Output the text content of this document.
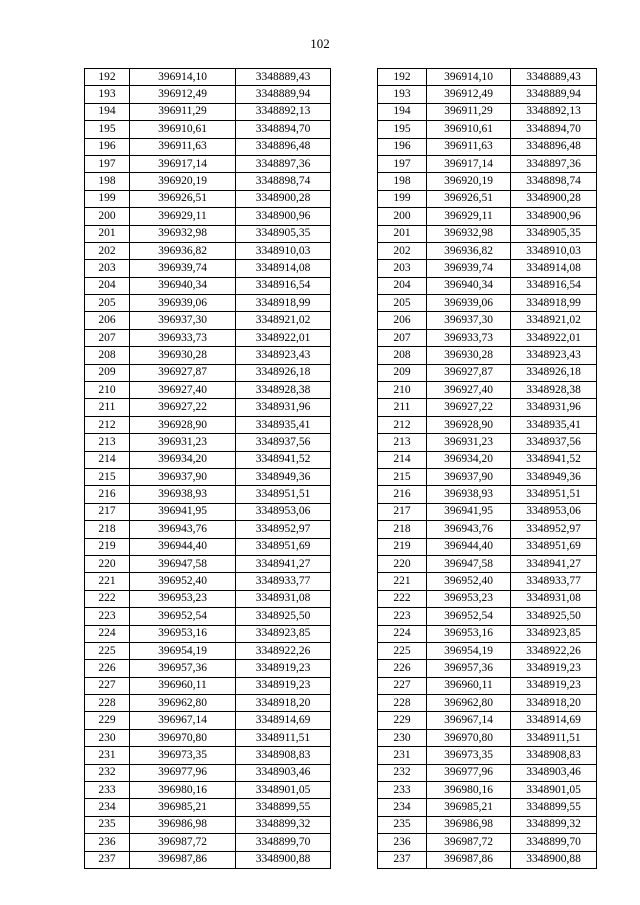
102
192	396914,10	3348889,43
193	396912,49	3348889,94
194	396911,29	3348892,13
195	396910,61	3348894,70
196	396911,63	3348896,48
197	396917,14	3348897,36
198	396920,19	3348898,74
199	396926,51	3348900,28
200	396929,11	3348900,96
201	396932,98	3348905,35
202	396936,82	3348910,03
203	396939,74	3348914,08
204	396940,34	3348916,54
205	396939,06	3348918,99
206	396937,30	3348921,02
207	396933,73	3348922,01
208	396930,28	3348923,43
209	396927,87	3348926,18
210	396927,40	3348928,38
211	396927,22	3348931,96
212	396928,90	3348935,41
213	396931,23	3348937,56
214	396934,20	3348941,52
215	396937,90	3348949,36
216	396938,93	3348951,51
217	396941,95	3348953,06
218	396943,76	3348952,97
219	396944,40	3348951,69
220	396947,58	3348941,27
221	396952,40	3348933,77
222	396953,23	3348931,08
223	396952,54	3348925,50
224	396953,16	3348923,85
225	396954,19	3348922,26
226	396957,36	3348919,23
227	396960,11	3348919,23
228	396962,80	3348918,20
229	396967,14	3348914,69
230	396970,80	3348911,51
231	396973,35	3348908,83
232	396977,96	3348903,46
233	396980,16	3348901,05
234	396985,21	3348899,55
235	396986,98	3348899,32
236	396987,72	3348899,70
237	396987,86	3348900,88
192	396914,10	3348889,43
193	396912,49	3348889,94
194	396911,29	3348892,13
195	396910,61	3348894,70
196	396911,63	3348896,48
197	396917,14	3348897,36
198	396920,19	3348898,74
199	396926,51	3348900,28
200	396929,11	3348900,96
201	396932,98	3348905,35
202	396936,82	3348910,03
203	396939,74	3348914,08
204	396940,34	3348916,54
205	396939,06	3348918,99
206	396937,30	3348921,02
207	396933,73	3348922,01
208	396930,28	3348923,43
209	396927,87	3348926,18
210	396927,40	3348928,38
211	396927,22	3348931,96
212	396928,90	3348935,41
213	396931,23	3348937,56
214	396934,20	3348941,52
215	396937,90	3348949,36
216	396938,93	3348951,51
217	396941,95	3348953,06
218	396943,76	3348952,97
219	396944,40	3348951,69
220	396947,58	3348941,27
221	396952,40	3348933,77
222	396953,23	3348931,08
223	396952,54	3348925,50
224	396953,16	3348923,85
225	396954,19	3348922,26
226	396957,36	3348919,23
227	396960,11	3348919,23
228	396962,80	3348918,20
229	396967,14	3348914,69
230	396970,80	3348911,51
231	396973,35	3348908,83
232	396977,96	3348903,46
233	396980,16	3348901,05
234	396985,21	3348899,55
235	396986,98	3348899,32
236	396987,72	3348899,70
237	396987,86	3348900,88
